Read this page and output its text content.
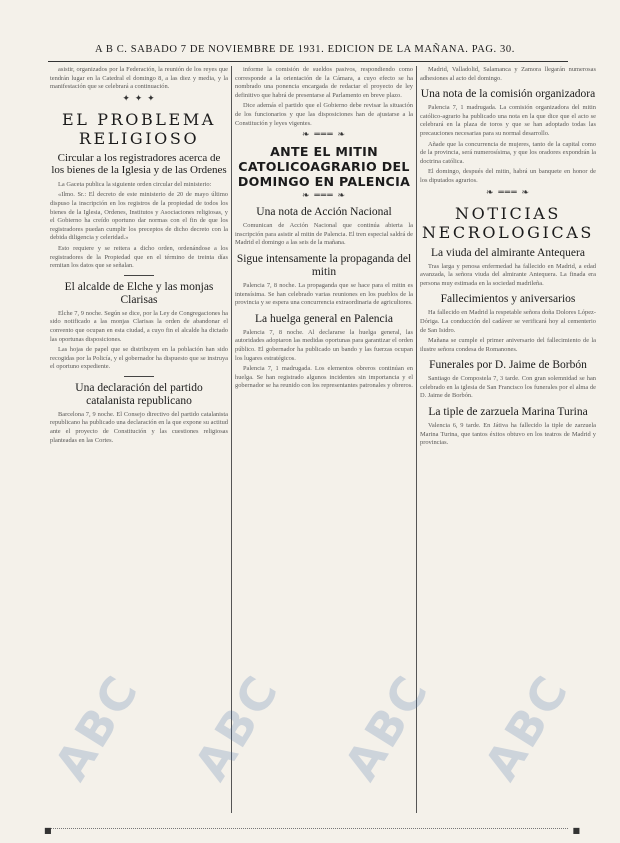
A B C. SABADO 7 DE NOVIEMBRE DE 1931. EDICION DE LA MAÑANA. PAG. 30.

asistir, organizados por la Federación, la reunión de los reyes que tendrán lugar en la Catedral el domingo 8, a las diez y media, y la manifestación que se celebrará a continuación.

✦ ✦ ✦
EL PROBLEMA RELIGIOSO
Circular a los registradores acerca de los bienes de la Iglesia y de las Ordenes

La Gaceta publica la siguiente orden circular del ministerio:

«Ilmo. Sr.: El decreto de este ministerio de 20 de mayo último dispuso la inscripción en los registros de la propiedad de todos los bienes de la Iglesia, Ordenes, Institutos y Asociaciones religiosas, y el Gobierno ha creído oportuno dar normas con el fin de que los registradores puedan cumplir los preceptos de dicho decreto con la debida diligencia y celeridad.»

Esto requiere y se reitera a dicho orden, ordenándose a los registradores de la Propiedad que en el término de treinta días remitan los datos que se señalan.

El alcalde de Elche y las monjas Clarisas

Elche 7, 9 noche. Según se dice, por la Ley de Congregaciones ha sido notificado a las monjas Clarisas la orden de abandonar el convento que ocupan en esta ciudad, a cuyo fin el alcalde ha dictado las oportunas disposiciones.

Las hojas de papel que se distribuyen en la población han sido recogidas por la Policía, y el gobernador ha dispuesto que se instruya el oportuno expediente.

Una declaración del partido catalanista republicano

Barcelona 7, 9 noche. El Consejo directivo del partido catalanista republicano ha publicado una declaración en la que expone su actitud ante el proyecto de Constitución y las cuestiones religiosas planteadas en las Cortes.

informe la comisión de sueldos pasivos, respondiendo como corresponde a la orientación de la Cámara, a cuyo efecto se ha nombrado una ponencia encargada de redactar el proyecto de ley definitivo que habrá de presentarse al Parlamento en breve plazo.

Dice además el partido que el Gobierno debe revisar la situación de los funcionarios y que las disposiciones han de ajustarse a la Constitución y leyes vigentes.

❧ ═══ ❧
ANTE EL MITIN CATOLICOAGRARIO DEL DOMINGO EN PALENCIA
❧ ═══ ❧
Una nota de Acción Nacional

Comunican de Acción Nacional que continúa abierta la inscripción para asistir al mitin de Palencia. El tren especial saldrá de Madrid el domingo a las seis de la mañana.

Sigue intensamente la propaganda del mitin

Palencia 7, 8 noche. La propaganda que se hace para el mitin es intensísima. Se han celebrado varias reuniones en los pueblos de la provincia y se espera una concurrencia extraordinaria de agricultores.

La huelga general en Palencia

Palencia 7, 8 noche. Al declararse la huelga general, las autoridades adoptaron las medidas oportunas para garantizar el orden público. El gobernador ha publicado un bando y las fuerzas ocupan los lugares estratégicos.

Palencia 7, 1 madrugada. Los elementos obreros continúan en huelga. Se han registrado algunos incidentes sin importancia y el gobernador se ha reunido con los representantes patronales y obreros.

Madrid, Valladolid, Salamanca y Zamora llegarán numerosas adhesiones al acto del domingo.

Una nota de la comisión organizadora

Palencia 7, 1 madrugada. La comisión organizadora del mitin católico-agrario ha publicado una nota en la que dice que el acto se celebrará en la plaza de toros y que se han adoptado todas las precauciones necesarias para su normal desarrollo.

Añade que la concurrencia de mujeres, tanto de la capital como de la provincia, será numerosísima, y que los oradores expondrán la doctrina católica.

El domingo, después del mitin, habrá un banquete en honor de los diputados agrarios.

❧ ═══ ❧
NOTICIAS NECROLOGICAS
La viuda del almirante Antequera

Tras larga y penosa enfermedad ha fallecido en Madrid, a edad avanzada, la señora viuda del almirante Antequera. La finada era persona muy estimada en la sociedad madrileña.

Fallecimientos y aniversarios

Ha fallecido en Madrid la respetable señora doña Dolores López-Dóriga. La conducción del cadáver se verificará hoy al cementerio de San Isidro.

Mañana se cumple el primer aniversario del fallecimiento de la ilustre señora condesa de Romanones.

Funerales por D. Jaime de Borbón

Santiago de Compostela 7, 3 tarde. Con gran solemnidad se han celebrado en la iglesia de San Francisco los funerales por el alma de D. Jaime de Borbón.

La tiple de zarzuela Marina Turina

Valencia 6, 9 tarde. En Játiva ha fallecido la tiple de zarzuela Marina Turina, que tantos éxitos obtuvo en los teatros de Madrid y provincias.

ABC ABC ABC ABC
■	■
